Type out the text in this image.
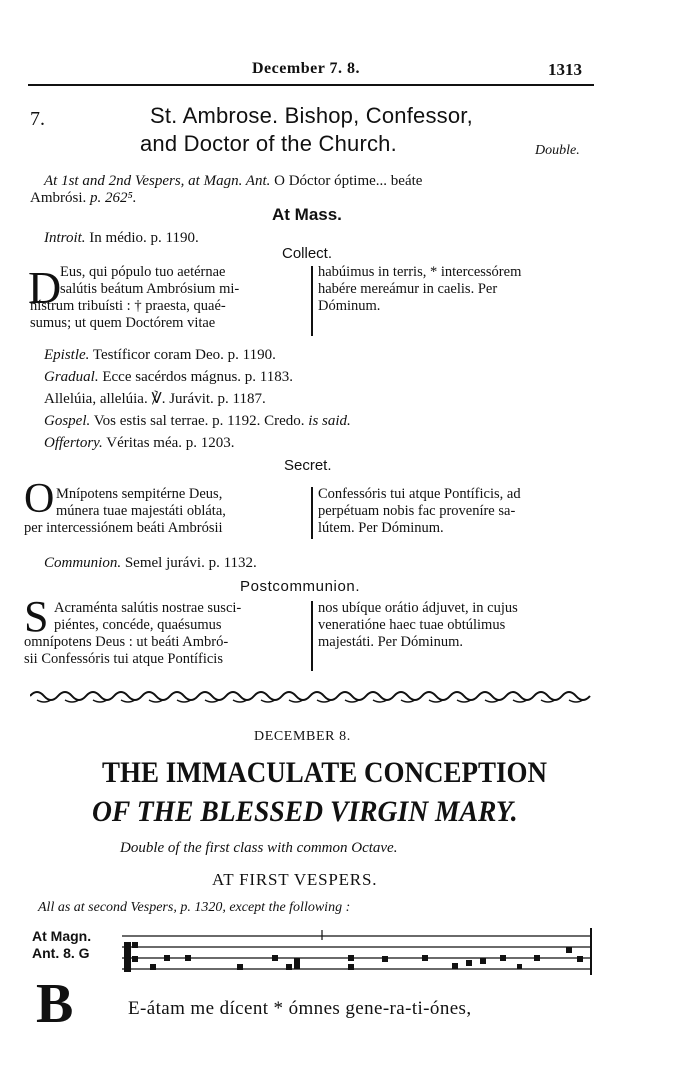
December 7. 8.	1313
7.	St. Ambrose. Bishop, Confessor,
and Doctor of the Church.	Double.
At 1st and 2nd Vespers, at Magn. Ant. O Dóctor óptime... beáte
Ambrósi. p. 262⁵.
At Mass.
Introit. In médio. p. 1190.
Collect.
D
Eus, qui pópulo tuo aetérnae
salútis beátum Ambrósium mi-
nístrum tribuísti : † praesta, quaé-
sumus; ut quem Doctórem vitae
habúimus in terris, * intercessórem
habére mereámur in caelis. Per
Dóminum.
Epistle. Testíficor coram Deo. p. 1190.
Gradual. Ecce sacérdos mágnus. p. 1183.
Allelúia, allelúia. ℣. Jurávit. p. 1187.
Gospel. Vos estis sal terrae. p. 1192. Credo. is said.
Offertory. Véritas méa. p. 1203.
Secret.
O Mnípotens sempitérne Deus,
múnera tuae majestáti obláta,
per intercessiónem beáti Ambrósii
Confessóris tui atque Pontíficis, ad
perpétuam nobis fac proveníre sa-
lútem. Per Dóminum.
Communion. Semel jurávi. p. 1132.
Postcommunion.
S Acraménta salútis nostrae susci-
piéntes, concéde, quaésumus
omnípotens Deus : ut beáti Ambró-
sii Confessóris tui atque Pontíficis
nos ubíque orátio ádjuvet, in cujus
veneratióne haec tuae obtúlimus
majestáti. Per Dóminum.
DECEMBER 8.
THE IMMACULATE CONCEPTION
OF THE BLESSED VIRGIN MARY.
Double of the first class with common Octave.
AT FIRST VESPERS.
All as at second Vespers, p. 1320, except the following :
At Magn.
Ant. 8. G
B	E-átam me dícent * ómnes gene-ra-ti-ónes,
